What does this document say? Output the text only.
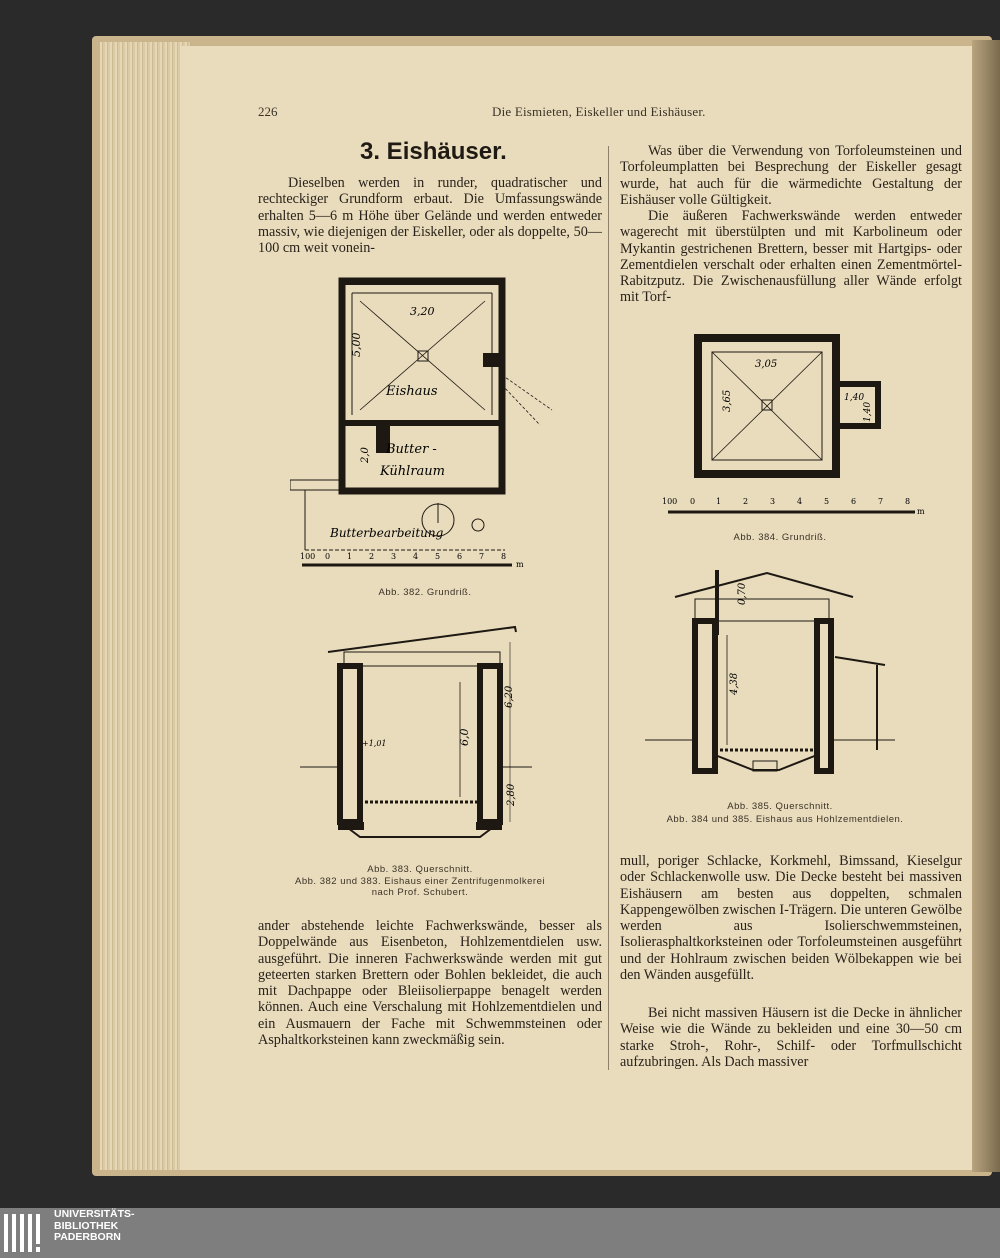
226	Die Eismieten, Eiskeller und Eishäuser.
3. Eishäuser.

Dieselben werden in runder, quadratischer und rechteckiger Grundform erbaut. Die Umfassungswände erhalten 5—6 m Höhe über Gelände und werden entweder massiv, wie diejenigen der Eiskeller, oder als doppelte, 50—100 cm weit vonein-

Was über die Verwendung von Torfoleumsteinen und Torfoleumplatten bei Besprechung der Eiskeller gesagt wurde, hat auch für die wärmedichte Gestaltung der Eishäuser volle Gültigkeit.

Die äußeren Fachwerkswände werden entweder wagerecht mit überstülpten und mit Karbolineum oder Mykantin gestrichenen Brettern, besser mit Hartgips- oder Zementdielen verschalt oder erhalten einen Zementmörtel-Rabitzputz. Die Zwischenausfüllung aller Wände erfolgt mit Torf-

3,20
5,00
Eishaus
Butter -
Kühlraum
2,0
Butterbearbeitung
100 0 1 2 3 4 5 6 7 8
m
Abb. 382. Grundriß.
6,20
6,0
2,80
+1,01
Abb. 383. Querschnitt.
Abb. 382 und 383. Eishaus einer Zentrifugenmolkerei
nach Prof. Schubert.

ander abstehende leichte Fachwerkswände, besser als Doppelwände aus Eisenbeton, Hohlzementdielen usw. ausgeführt. Die inneren Fachwerkswände werden mit gut geteerten starken Brettern oder Bohlen bekleidet, die auch mit Dachpappe oder Bleiisolierpappe benagelt werden können. Auch eine Verschalung mit Hohlzementdielen und ein Ausmauern der Fache mit Schwemmsteinen oder Asphaltkorksteinen kann zweckmäßig sein.

3,05
3,65	1,40
1,40
100 0	1	2	3	4	5	6	7	8
m
Abb. 384. Grundriß.
0,70
4,38
Abb. 385. Querschnitt.
Abb. 384 und 385. Eishaus aus Hohlzementdielen.

mull, poriger Schlacke, Korkmehl, Bimssand, Kieselgur oder Schlackenwolle usw. Die Decke besteht bei massiven Eishäusern am besten aus doppelten, schmalen Kappengewölben zwischen I-Trägern. Die unteren Gewölbe werden aus Isolierschwemmsteinen, Isolierasphaltkorksteinen oder Torfoleumsteinen ausgeführt und der Hohlraum zwischen beiden Wölbekappen wie bei den Wänden ausgefüllt.

Bei nicht massiven Häusern ist die Decke in ähnlicher Weise wie die Wände zu bekleiden und eine 30—50 cm starke Stroh-, Rohr-, Schilf- oder Torfmullschicht aufzubringen. Als Dach massiver

UNIVERSITÄTS-
BIBLIOTHEK
PADERBORN
